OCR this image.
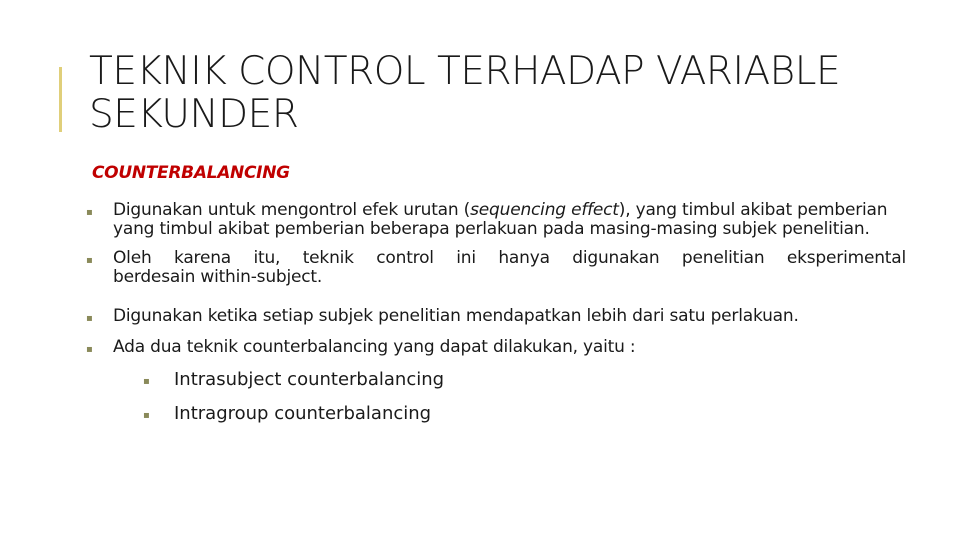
TEKNIK CONTROL TERHADAP VARIABLE
SEKUNDER
COUNTERBALANCING
▪ Digunakan untuk mengontrol efek urutan (sequencing effect), yang timbul akibat pemberian yang timbul akibat pemberian beberapa perlakuan pada masing-masing subjek penelitian.
▪ Oleh karena itu, teknik control ini hanya digunakan penelitian eksperimental
berdesain within-subject.
▪ Digunakan ketika setiap subjek penelitian mendapatkan lebih dari satu perlakuan.
▪ Ada dua teknik counterbalancing yang dapat dilakukan, yaitu :
▪ Intrasubject counterbalancing
▪ Intragroup counterbalancing
